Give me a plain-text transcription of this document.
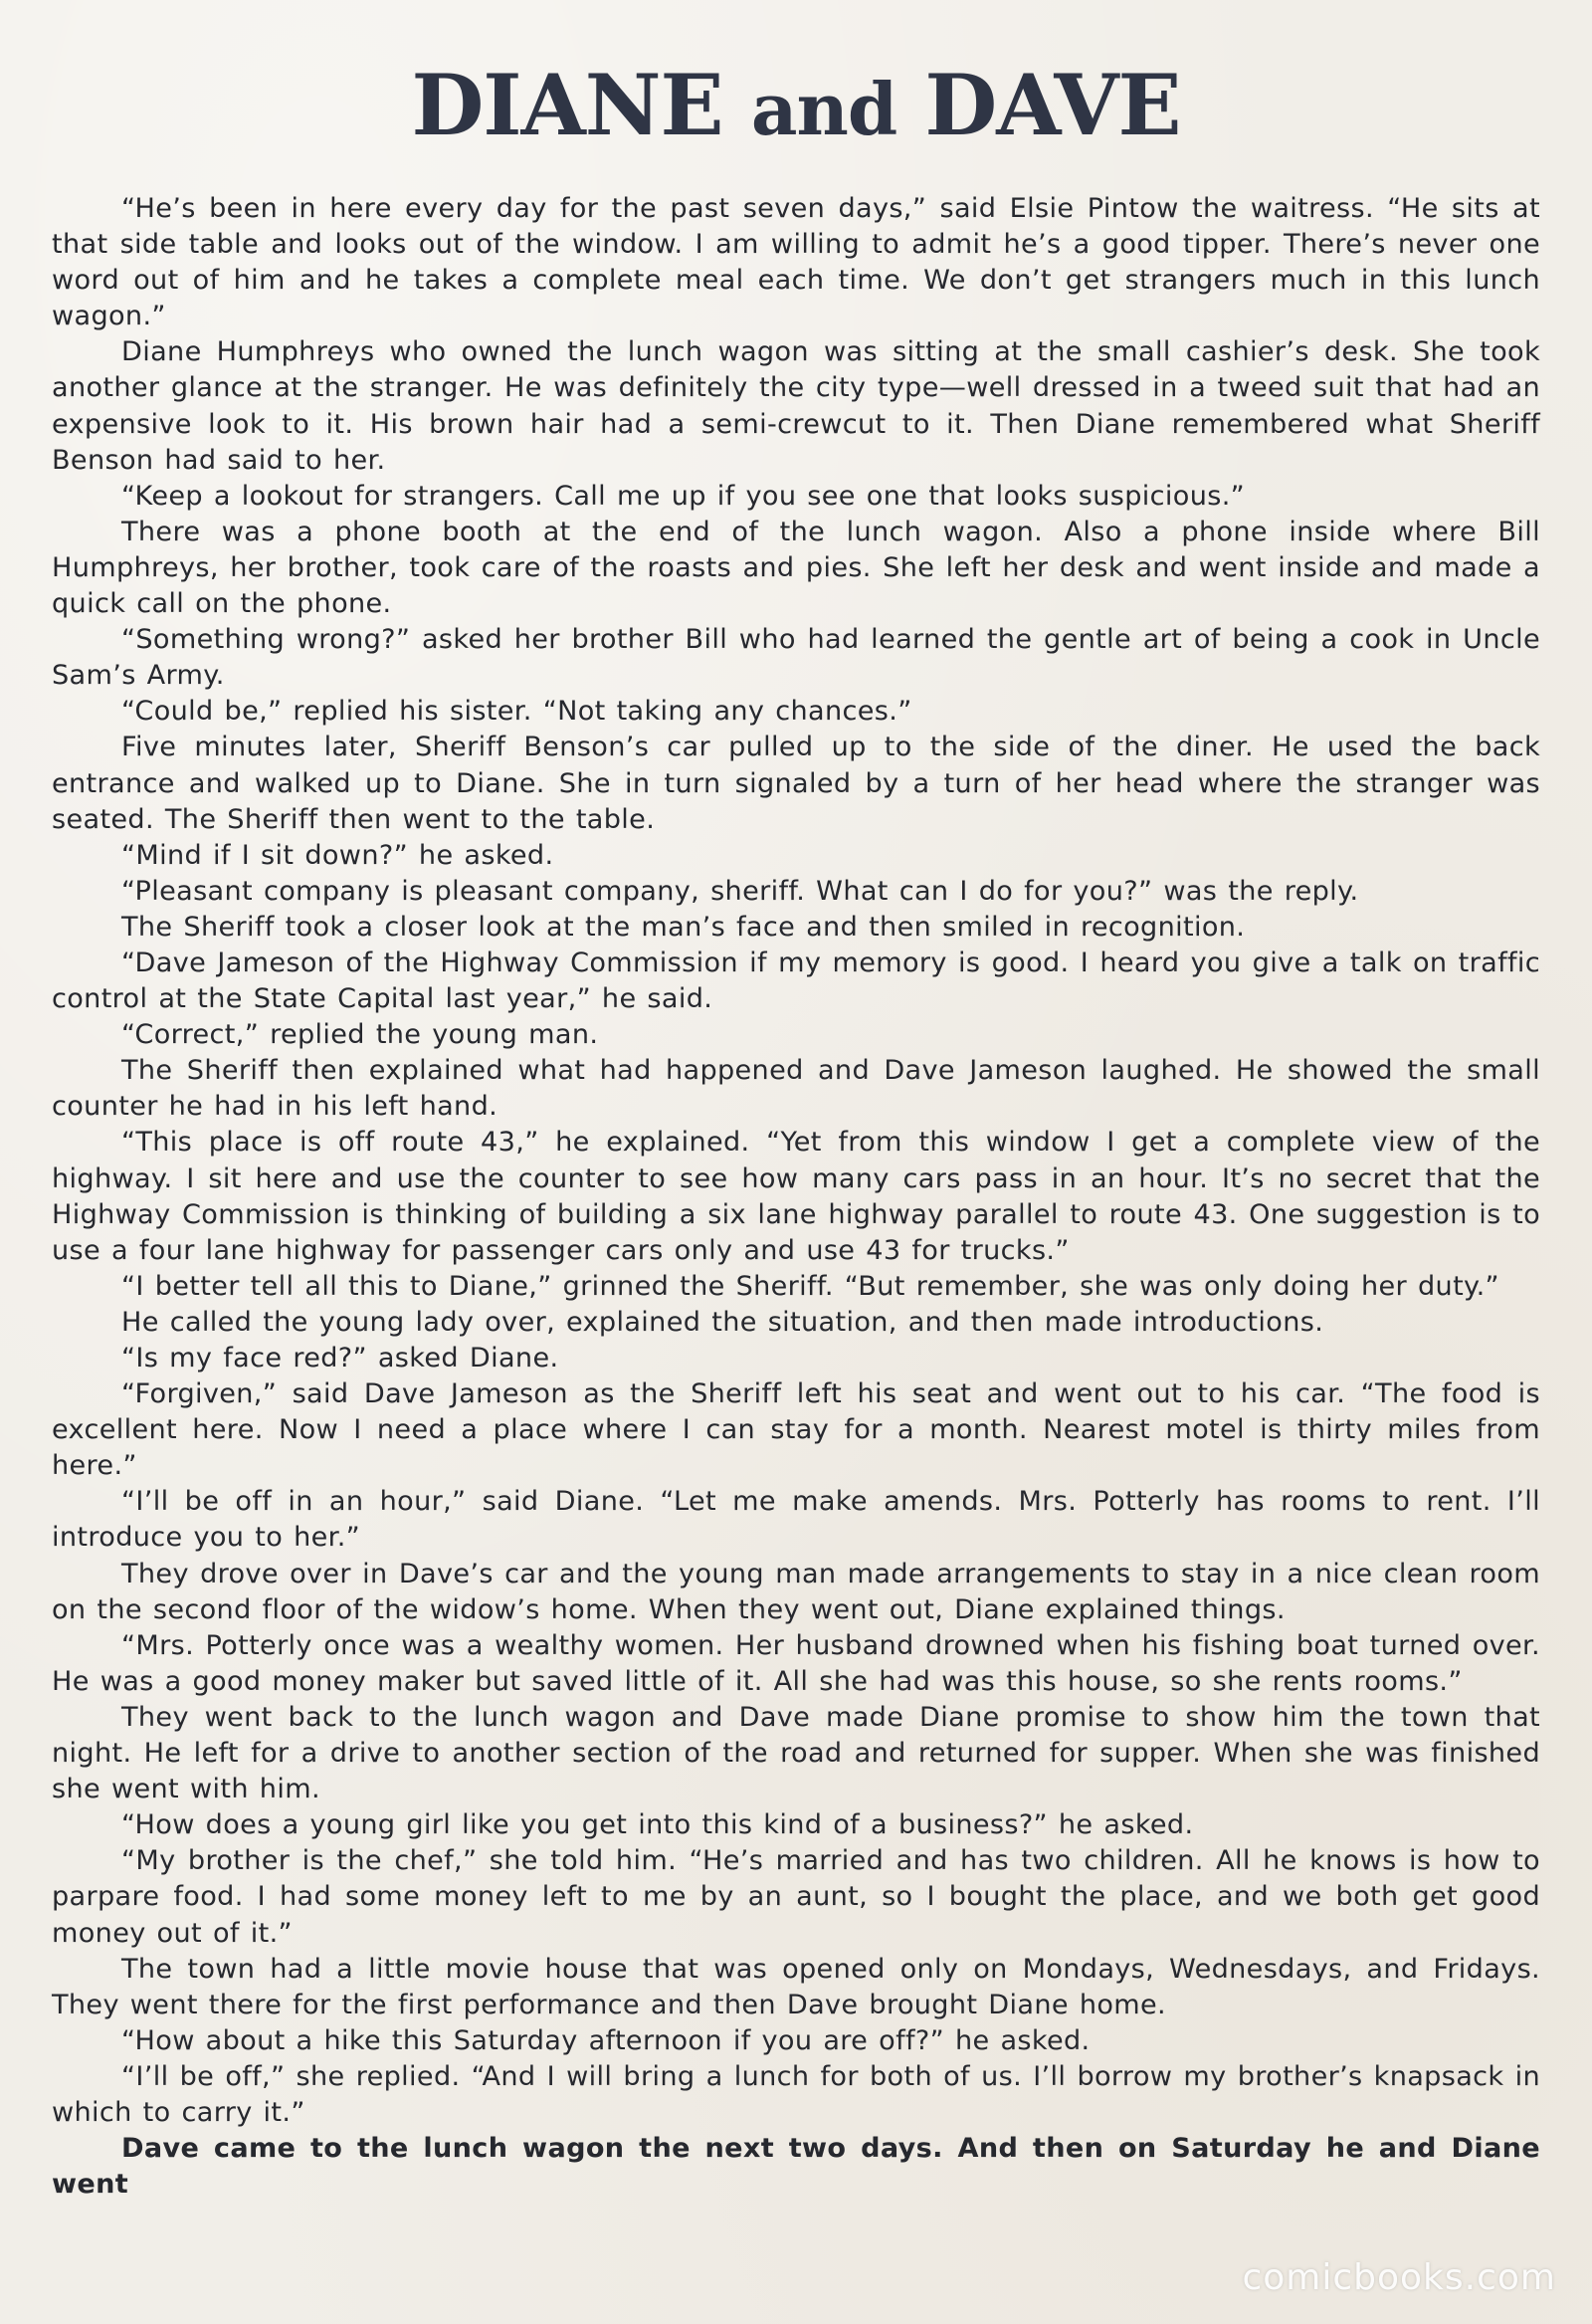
DIANE and DAVE

“He’s been in here every day for the past seven days,” said Elsie Pintow the waitress. “He sits at that side table and looks out of the window. I am willing to admit he’s a good tipper. There’s never one word out of him and he takes a complete meal each time. We don’t get strangers much in this lunch wagon.”

Diane Humphreys who owned the lunch wagon was sitting at the small cashier’s desk. She took another glance at the stranger. He was definitely the city type—well dressed in a tweed suit that had an expensive look to it. His brown hair had a semi-crewcut to it. Then Diane remembered what Sheriff Benson had said to her.

“Keep a lookout for strangers. Call me up if you see one that looks suspicious.”

There was a phone booth at the end of the lunch wagon. Also a phone inside where Bill Humphreys, her brother, took care of the roasts and pies. She left her desk and went inside and made a quick call on the phone.

“Something wrong?” asked her brother Bill who had learned the gentle art of being a cook in Uncle Sam’s Army.

“Could be,” replied his sister. “Not taking any chances.”

Five minutes later, Sheriff Benson’s car pulled up to the side of the diner. He used the back entrance and walked up to Diane. She in turn signaled by a turn of her head where the stranger was seated. The Sheriff then went to the table.

“Mind if I sit down?” he asked.

“Pleasant company is pleasant company, sheriff. What can I do for you?” was the reply.

The Sheriff took a closer look at the man’s face and then smiled in recognition.

“Dave Jameson of the Highway Commission if my memory is good. I heard you give a talk on traffic control at the State Capital last year,” he said.

“Correct,” replied the young man.

The Sheriff then explained what had happened and Dave Jameson laughed. He showed the small counter he had in his left hand.

“This place is off route 43,” he explained. “Yet from this window I get a complete view of the highway. I sit here and use the counter to see how many cars pass in an hour. It’s no secret that the Highway Commission is thinking of building a six lane highway parallel to route 43. One suggestion is to use a four lane highway for passenger cars only and use 43 for trucks.”

“I better tell all this to Diane,” grinned the Sheriff. “But remember, she was only doing her duty.”

He called the young lady over, explained the situation, and then made introductions.

“Is my face red?” asked Diane.

“Forgiven,” said Dave Jameson as the Sheriff left his seat and went out to his car. “The food is excellent here. Now I need a place where I can stay for a month. Nearest motel is thirty miles from here.”

“I’ll be off in an hour,” said Diane. “Let me make amends. Mrs. Potterly has rooms to rent. I’ll introduce you to her.”

They drove over in Dave’s car and the young man made arrangements to stay in a nice clean room on the second floor of the widow’s home. When they went out, Diane explained things.

“Mrs. Potterly once was a wealthy women. Her husband drowned when his fishing boat turned over. He was a good money maker but saved little of it. All she had was this house, so she rents rooms.”

They went back to the lunch wagon and Dave made Diane promise to show him the town that night. He left for a drive to another section of the road and returned for supper. When she was finished she went with him.

“How does a young girl like you get into this kind of a business?” he asked.

“My brother is the chef,” she told him. “He’s married and has two children. All he knows is how to parpare food. I had some money left to me by an aunt, so I bought the place, and we both get good money out of it.”

The town had a little movie house that was opened only on Mondays, Wednesdays, and Fridays. They went there for the first performance and then Dave brought Diane home.

“How about a hike this Saturday afternoon if you are off?” he asked.

“I’ll be off,” she replied. “And I will bring a lunch for both of us. I’ll borrow my brother’s knapsack in which to carry it.”

Dave came to the lunch wagon the next two days. And then on Saturday he and Diane went

comicbooks.com
